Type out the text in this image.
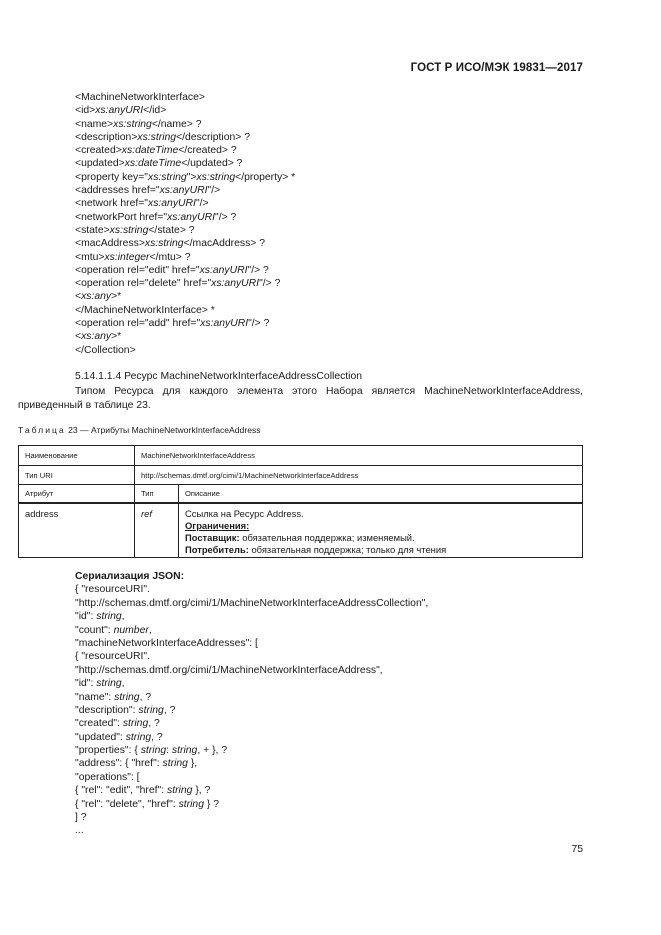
ГОСТ Р ИСО/МЭК 19831—2017
<MachineNetworkInterface>
<id>xs:anyURI</id>
<name>xs:string</name> ?
<description>xs:string</description> ?
<created>xs:dateTime</created> ?
<updated>xs:dateTime</updated> ?
<property key="xs:string">xs:string</property> *
<addresses href="xs:anyURI"/>
<network href="xs:anyURI"/>
<networkPort href="xs:anyURI"/> ?
<state>xs:string</state> ?
<macAddress>xs:string</macAddress> ?
<mtu>xs:integer</mtu> ?
<operation rel="edit" href="xs:anyURI"/> ?
<operation rel="delete" href="xs:anyURI"/> ?
<xs:any>*
</MachineNetworkInterface> *
<operation rel="add" href="xs:anyURI"/> ?
<xs:any>*
</Collection>
5.14.1.1.4 Ресурс MachineNetworkInterfaceAddressCollection
Типом Ресурса для каждого элемента этого Набора является MachineNetworkInterfaceAddress, приведенный в таблице 23.
Таблица 23 — Атрибуты MachineNetworkInterfaceAddress
Наименование	MachineNetworkInterfaceAddress	
Тип URI	http://schemas.dmtf.org/cimi/1/MachineNetworkInterfaceAddress	
Атрибут	Тип	Описание
address	ref	Ссылка на Ресурс Address.
Ограничения:
Поставщик: обязательная поддержка; изменяемый.
Потребитель: обязательная поддержка; только для чтения
Сериализация JSON:
{ "resourceURI".
"http://schemas.dmtf.org/cimi/1/MachineNetworkInterfaceAddressCollection",
"id": string,
"count": number,
"machineNetworkInterfaceAddresses": [
{ "resourceURI".
"http://schemas.dmtf.org/cimi/1/MachineNetworkInterfaceAddress",
"id": string,
"name": string, ?
"description": string, ?
"created": string, ?
"updated": string, ?
"properties": { string: string, + }, ?
"address": { "href": string },
"operations": [
{ "rel": "edit", "href": string }, ?
{ "rel": "delete", "href": string } ?
] ?
...
75
